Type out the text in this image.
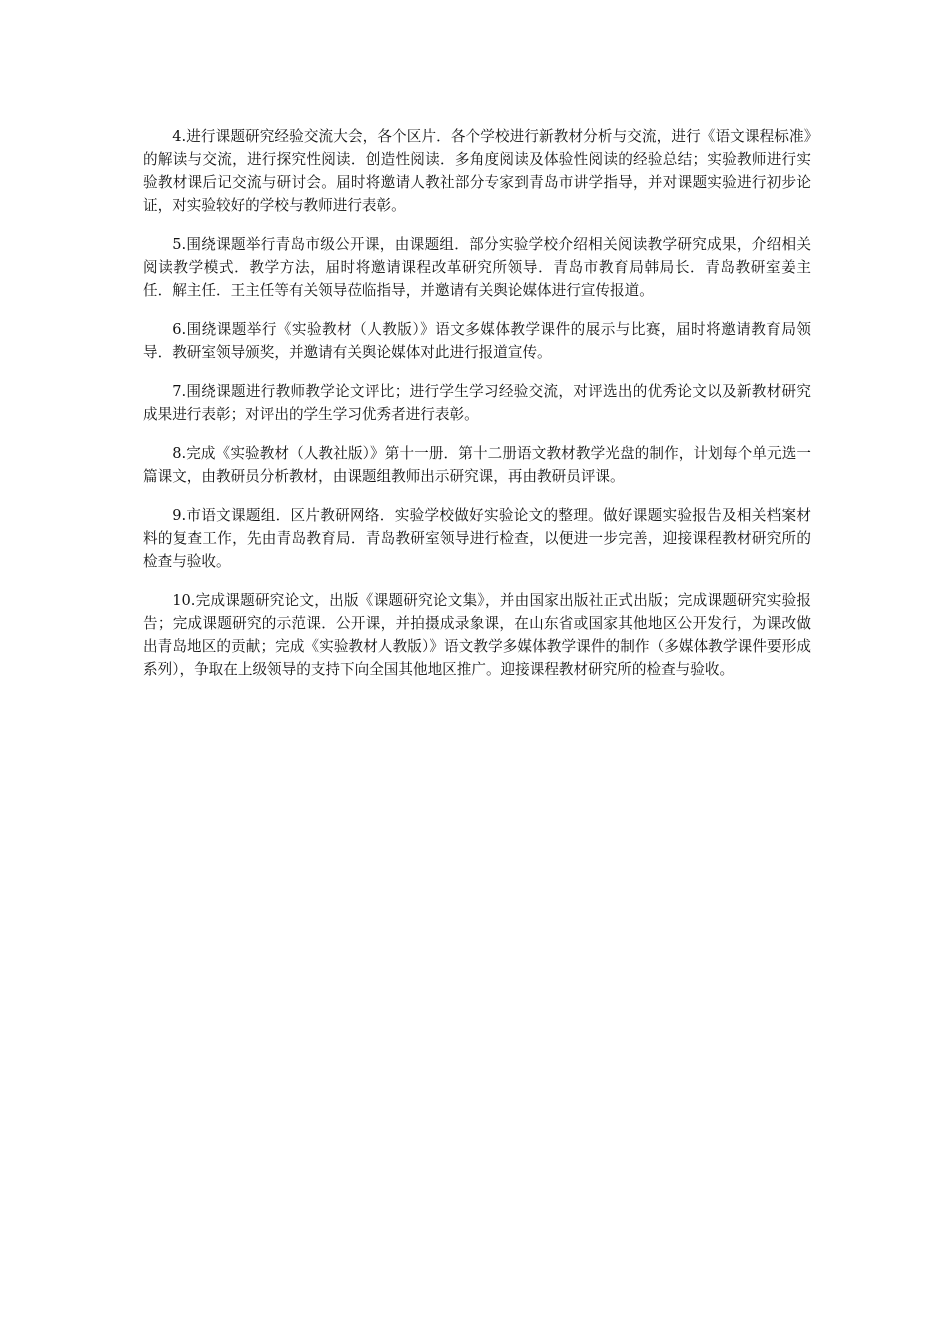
4.进行课题研究经验交流大会，各个区片．各个学校进行新教材分析与交流，进行《语文课程标准》的解读与交流，进行探究性阅读．创造性阅读．多角度阅读及体验性阅读的经验总结；实验教师进行实验教材课后记交流与研讨会。届时将邀请人教社部分专家到青岛市讲学指导，并对课题实验进行初步论证，对实验较好的学校与教师进行表彰。

5.围绕课题举行青岛市级公开课，由课题组．部分实验学校介绍相关阅读教学研究成果，介绍相关阅读教学模式．教学方法，届时将邀请课程改革研究所领导．青岛市教育局韩局长．青岛教研室姜主任．解主任．王主任等有关领导莅临指导，并邀请有关舆论媒体进行宣传报道。

6.围绕课题举行《实验教材（人教版）》语文多媒体教学课件的展示与比赛，届时将邀请教育局领导．教研室领导颁奖，并邀请有关舆论媒体对此进行报道宣传。

7.围绕课题进行教师教学论文评比；进行学生学习经验交流，对评选出的优秀论文以及新教材研究成果进行表彰；对评出的学生学习优秀者进行表彰。

8.完成《实验教材（人教社版）》第十一册．第十二册语文教材教学光盘的制作，计划每个单元选一篇课文，由教研员分析教材，由课题组教师出示研究课，再由教研员评课。

9.市语文课题组．区片教研网络．实验学校做好实验论文的整理。做好课题实验报告及相关档案材料的复查工作，先由青岛教育局．青岛教研室领导进行检查，以便进一步完善，迎接课程教材研究所的检查与验收。

10.完成课题研究论文，出版《课题研究论文集》，并由国家出版社正式出版；完成课题研究实验报告；完成课题研究的示范课．公开课，并拍摄成录象课，在山东省或国家其他地区公开发行，为课改做出青岛地区的贡献；完成《实验教材人教版）》语文教学多媒体教学课件的制作（多媒体教学课件要形成系列），争取在上级领导的支持下向全国其他地区推广。迎接课程教材研究所的检查与验收。
